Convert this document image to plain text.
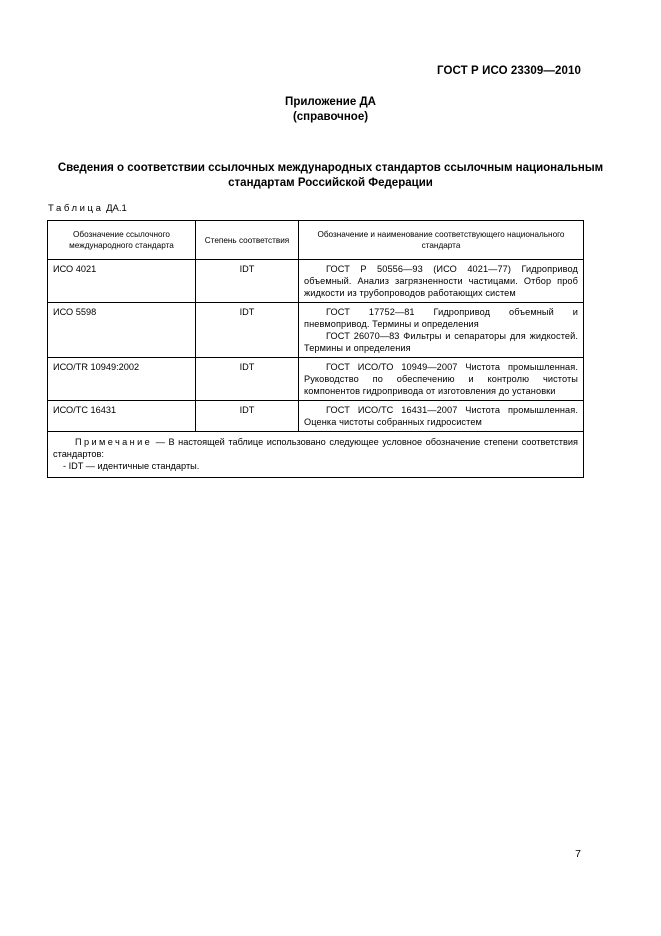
ГОСТ Р ИСО 23309—2010
Приложение ДА
(справочное)
Сведения о соответствии ссылочных международных стандартов ссылочным национальным
стандартам Российской Федерации
Таблица ДА.1
Обозначение ссылочного международного стандарта	Степень соответствия	Обозначение и наименование соответствующего национального стандарта
ИСО 4021	IDT	ГОСТ Р 50556—93 (ИСО 4021—77) Гидропривод объемный. Анализ загрязненности частицами. Отбор проб жидкости из трубопроводов работающих систем

ИСО 5598	IDT	ГОСТ 17752—81 Гидропривод объемный и пневмопривод. Термины и определения
ГОСТ 26070—83 Фильтры и сепараторы для жидкостей. Термины и определения

ИСО/TR 10949:2002	IDT	ГОСТ ИСО/ТО 10949—2007 Чистота промышленная. Руководство по обеспечению и контролю чистоты компонентов гидропривода от изготовления до установки

ИСО/ТС 16431	IDT	ГОСТ ИСО/ТС 16431—2007 Чистота промышленная. Оценка чистоты собранных гидросистем

Примечание — В настоящей таблице использовано следующее условное обозначение степени соответствия стандартов:
- IDT — идентичные стандарты.		
7
